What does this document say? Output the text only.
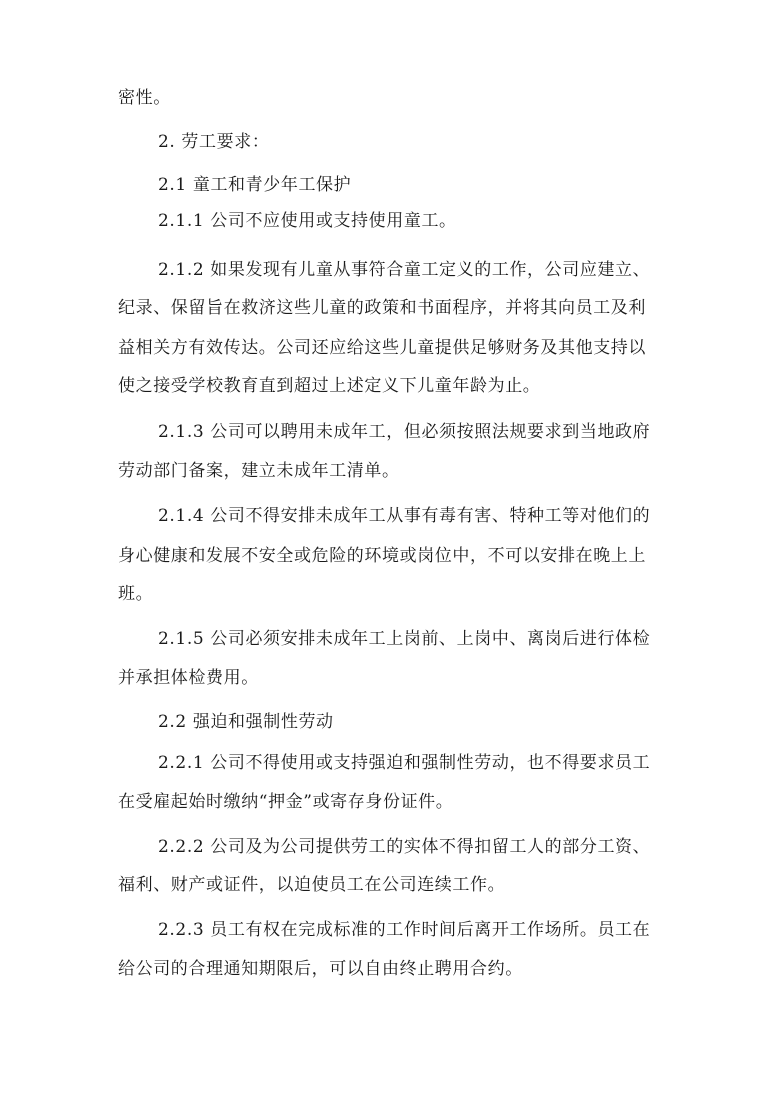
密性。
2. 劳工要求：
2.1 童工和青少年工保护
2.1.1 公司不应使用或支持使用童工。
2.1.2 如果发现有儿童从事符合童工定义的工作，公司应建立、
纪录、保留旨在救济这些儿童的政策和书面程序，并将其向员工及利
益相关方有效传达。公司还应给这些儿童提供足够财务及其他支持以
使之接受学校教育直到超过上述定义下儿童年龄为止。
2.1.3 公司可以聘用未成年工，但必须按照法规要求到当地政府
劳动部门备案，建立未成年工清单。
2.1.4 公司不得安排未成年工从事有毒有害、特种工等对他们的
身心健康和发展不安全或危险的环境或岗位中，不可以安排在晚上上
班。
2.1.5 公司必须安排未成年工上岗前、上岗中、离岗后进行体检
并承担体检费用。
2.2 强迫和强制性劳动
2.2.1 公司不得使用或支持强迫和强制性劳动，也不得要求员工
在受雇起始时缴纳“押金”或寄存身份证件。
2.2.2 公司及为公司提供劳工的实体不得扣留工人的部分工资、
福利、财产或证件，以迫使员工在公司连续工作。
2.2.3 员工有权在完成标准的工作时间后离开工作场所。员工在
给公司的合理通知期限后，可以自由终止聘用合约。
